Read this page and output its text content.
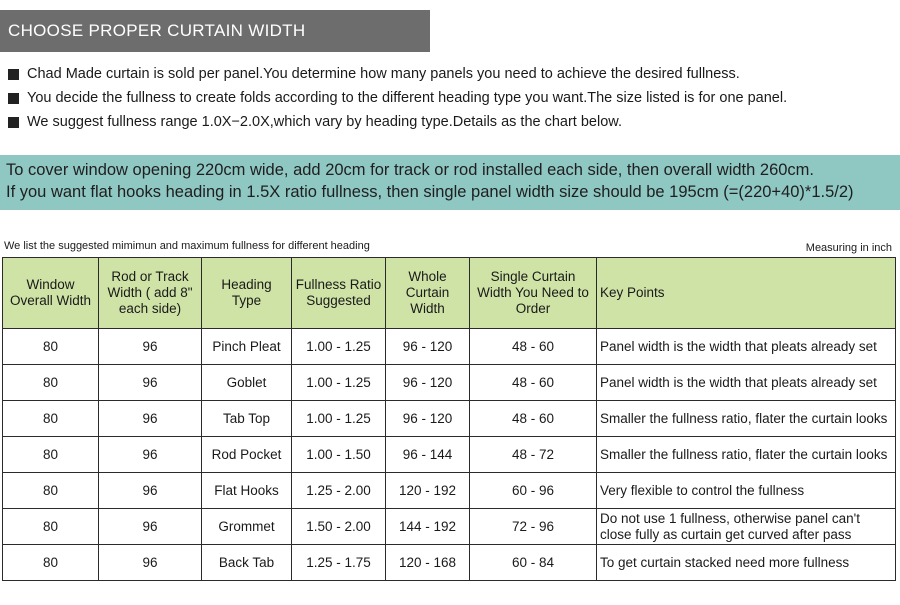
CHOOSE PROPER CURTAIN WIDTH
Chad Made curtain is sold per panel.You determine how many panels you need to achieve the desired fullness.
You decide the fullness to create folds according to the different heading type you want.The size listed is for one panel.
We suggest fullness range 1.0X−2.0X,which vary by heading type.Details as the chart below.
To cover window opening 220cm wide, add 20cm for track or rod installed each side, then overall width 260cm.
If you want flat hooks heading in 1.5X ratio fullness, then single panel width size should be 195cm (=(220+40)*1.5/2)
We list the suggested mimimun and maximum fullness for different heading	Measuring in inch
Window Overall Width	Rod or Track Width ( add 8" each side)	Heading Type	Fullness Ratio Suggested	Whole Curtain Width	Single Curtain Width You Need to Order	Key Points
80	96	Pinch Pleat	1.00 - 1.25	96 - 120	48 - 60	Panel width is the width that pleats already set
80	96	Goblet	1.00 - 1.25	96 - 120	48 - 60	Panel width is the width that pleats already set
80	96	Tab Top	1.00 - 1.25	96 - 120	48 - 60	Smaller the fullness ratio, flater the curtain looks
80	96	Rod Pocket	1.00 - 1.50	96 - 144	48 - 72	Smaller the fullness ratio, flater the curtain looks
80	96	Flat Hooks	1.25 - 2.00	120 - 192	60 - 96	Very flexible to control the fullness
80	96	Grommet	1.50 - 2.00	144 - 192	72 - 96	Do not use 1 fullness, otherwise panel can't close fully as curtain get curved after pass
80	96	Back Tab	1.25 - 1.75	120 - 168	60 - 84	To get curtain stacked need more fullness
